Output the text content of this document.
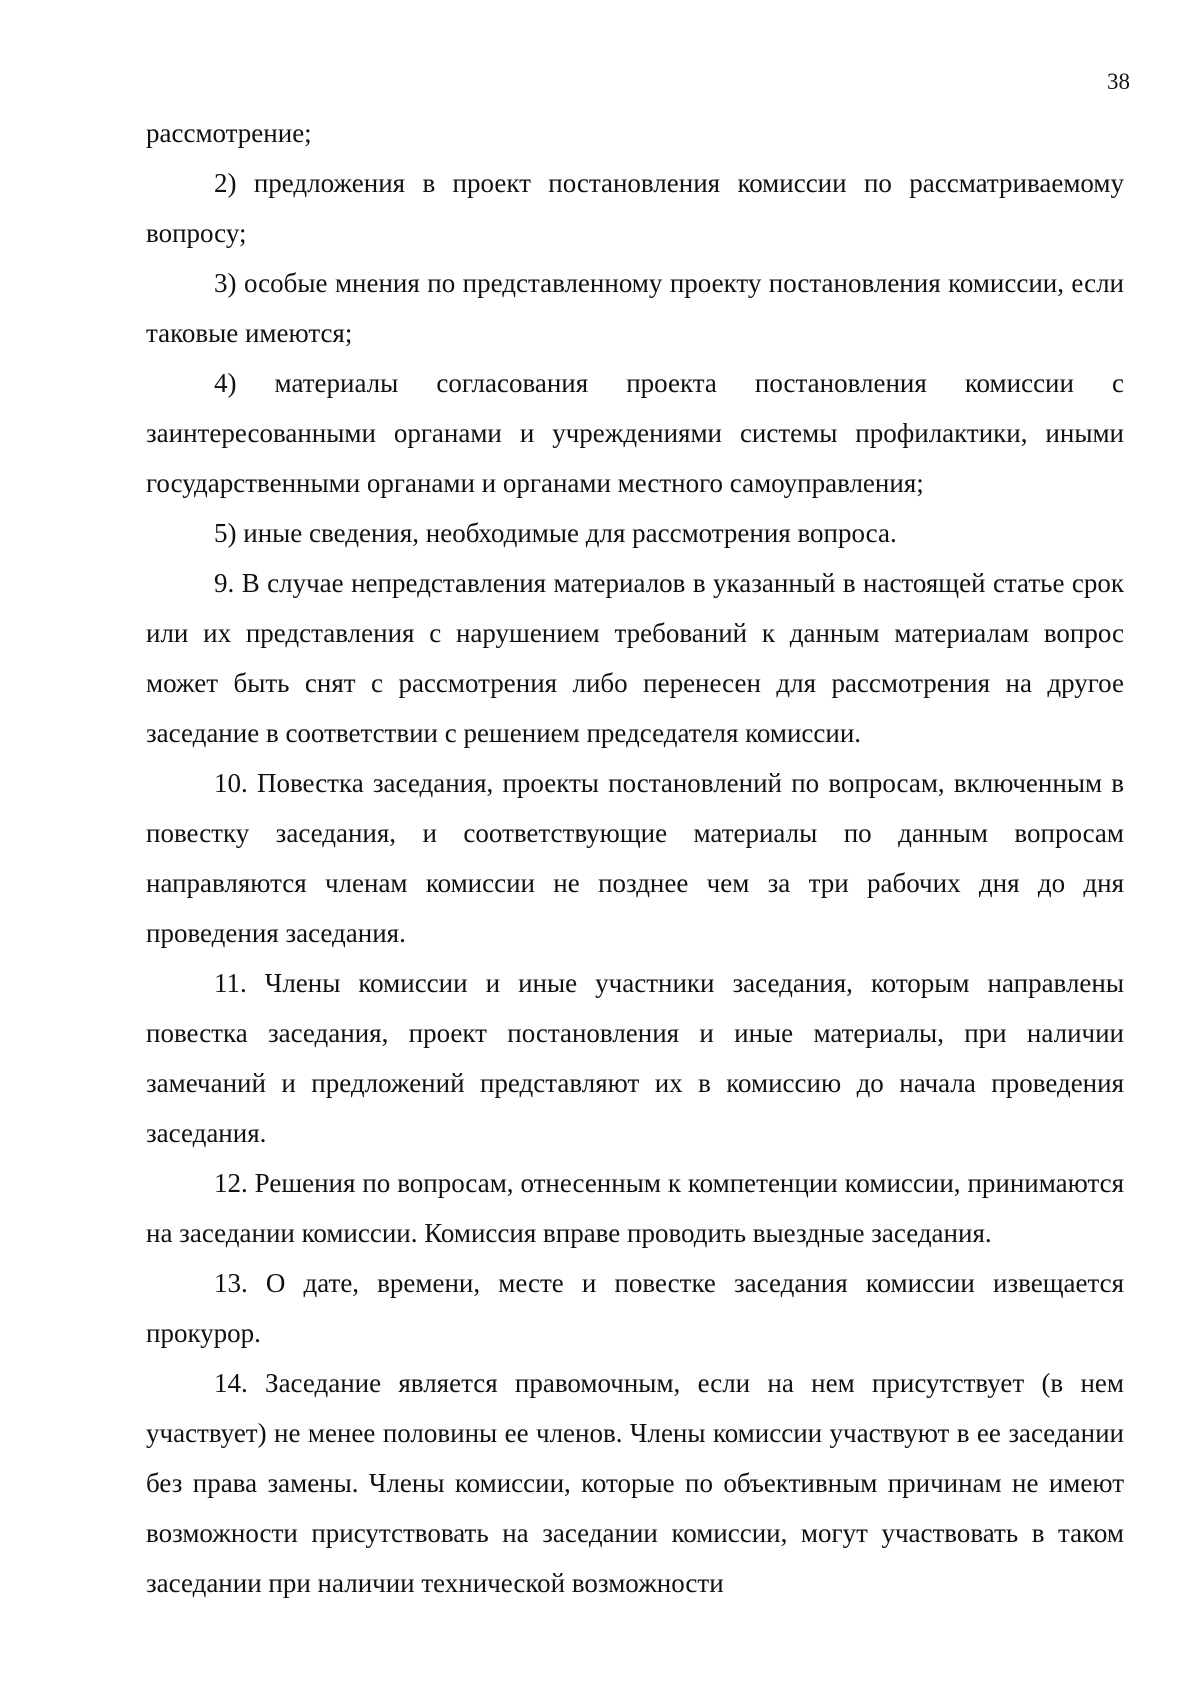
38

рассмотрение;

2) предложения в проект постановления комиссии по рассматриваемому вопросу;

3) особые мнения по представленному проекту постановления комиссии, если таковые имеются;

4) материалы согласования проекта постановления комиссии с заинтересованными органами и учреждениями системы профилактики, иными государственными органами и органами местного самоуправления;

5) иные сведения, необходимые для рассмотрения вопроса.

9. В случае непредставления материалов в указанный в настоящей статье срок или их представления с нарушением требований к данным материалам вопрос может быть снят с рассмотрения либо перенесен для рассмотрения на другое заседание в соответствии с решением председателя комиссии.

10. Повестка заседания, проекты постановлений по вопросам, включенным в повестку заседания, и соответствующие материалы по данным вопросам направляются членам комиссии не позднее чем за три рабочих дня до дня проведения заседания.

11. Члены комиссии и иные участники заседания, которым направлены повестка заседания, проект постановления и иные материалы, при наличии замечаний и предложений представляют их в комиссию до начала проведения заседания.

12. Решения по вопросам, отнесенным к компетенции комиссии, принимаются на заседании комиссии. Комиссия вправе проводить выездные заседания.

13. О дате, времени, месте и повестке заседания комиссии извещается прокурор.

14. Заседание является правомочным, если на нем присутствует (в нем участвует) не менее половины ее членов. Члены комиссии участвуют в ее заседании без права замены. Члены комиссии, которые по объективным причинам не имеют возможности присутствовать на заседании комиссии, могут участвовать в таком заседании при наличии технической возможности
